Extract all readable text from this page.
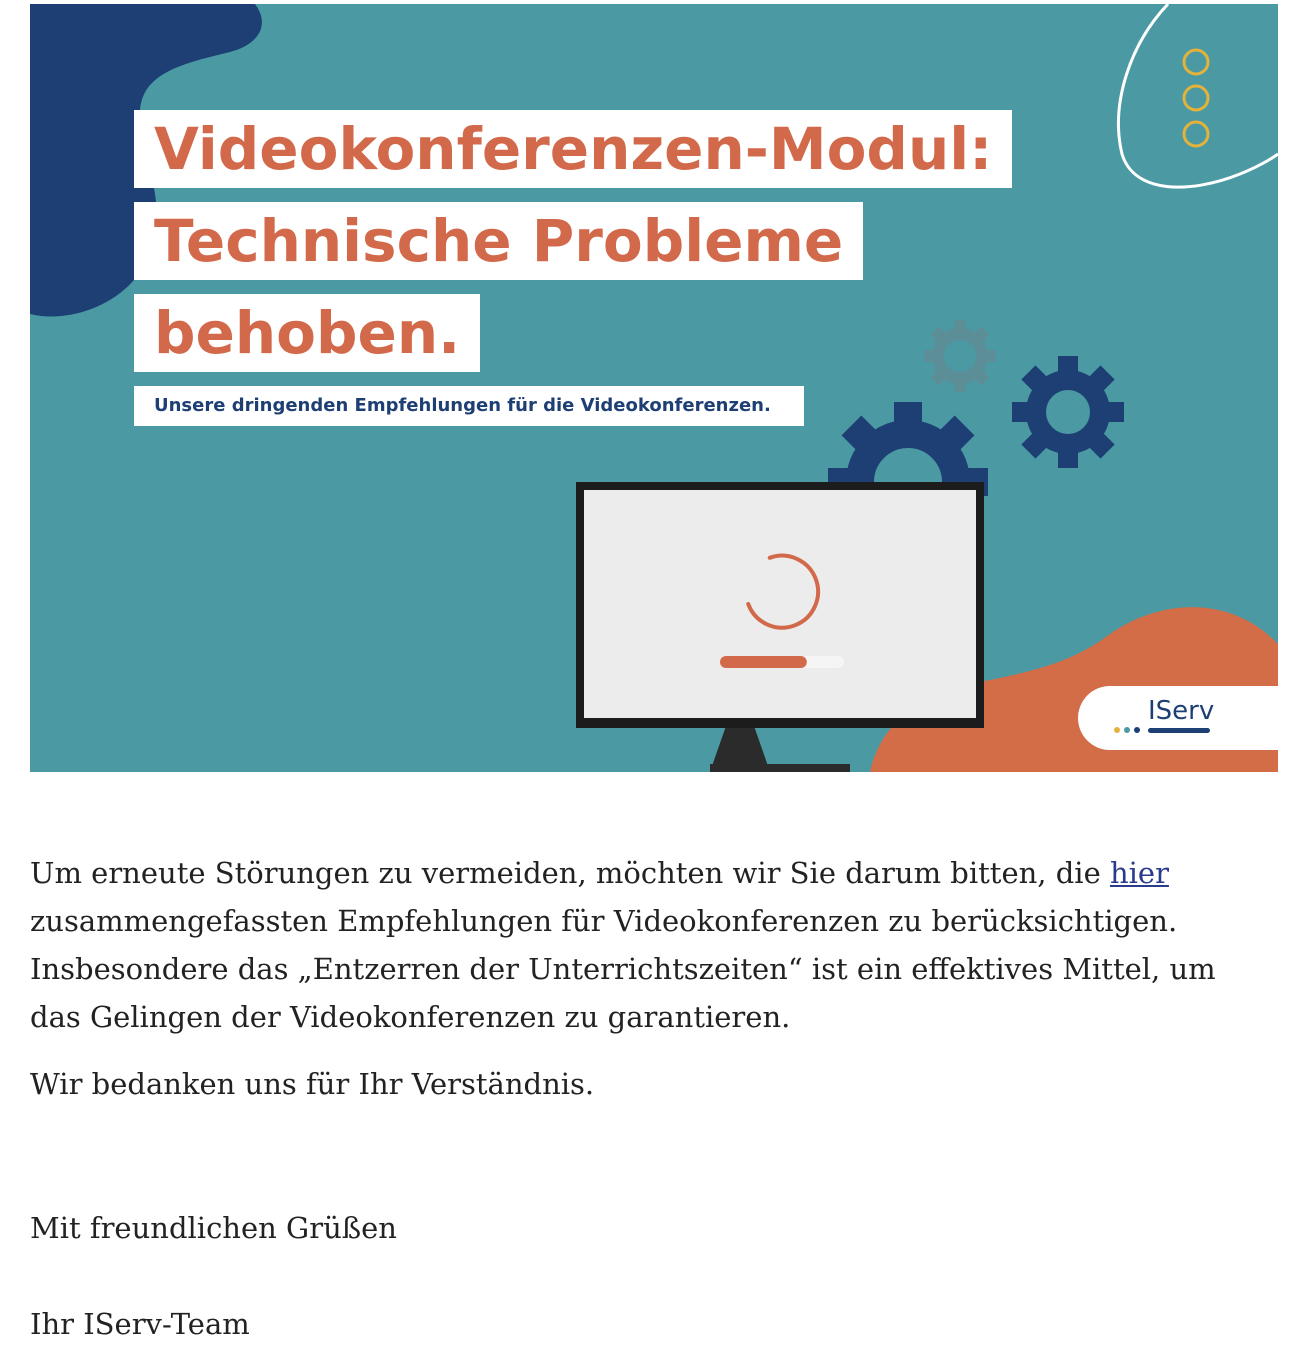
Videokonferenzen-Modul:
Technische Probleme
behoben.
Unsere dringenden Empfehlungen für die Videokonferenzen.
IServ

Um erneute Störungen zu vermeiden, möchten wir Sie darum bitten, die hier zusammengefassten Empfehlungen für Videokonferenzen zu berücksichtigen. Insbesondere das „Entzerren der Unterrichtszeiten“ ist ein effektives Mittel, um das Gelingen der Videokonferenzen zu garantieren.

Wir bedanken uns für Ihr Verständnis.

Mit freundlichen Grüßen

Ihr IServ-Team
